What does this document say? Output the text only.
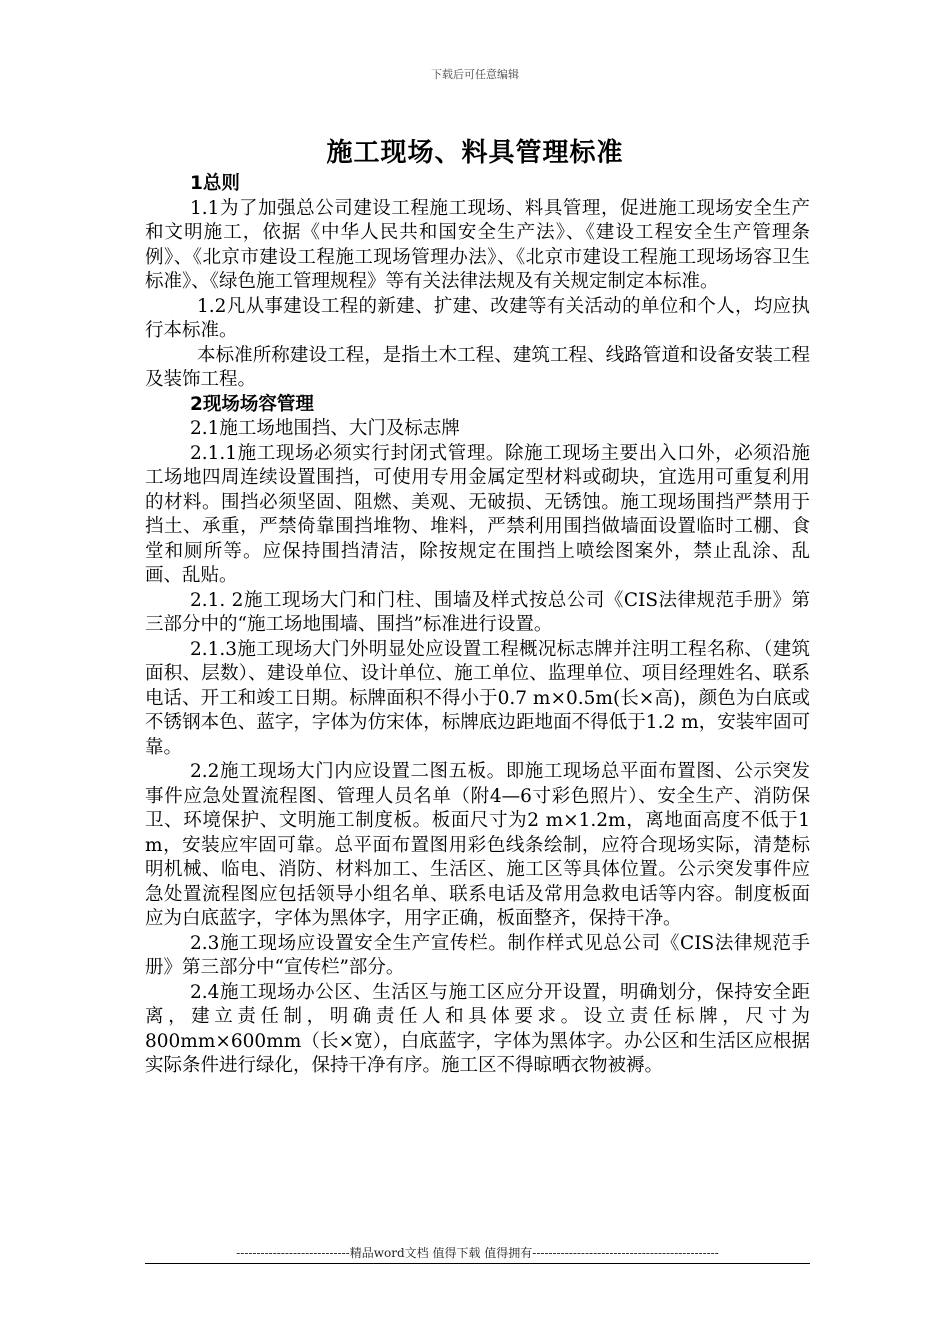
下载后可任意编辑
施工现场、料具管理标准

1总则

1.1为了加强总公司建设工程施工现场、料具管理，促进施工现场安全生产和文明施工，依据《中华人民共和国安全生产法》、《建设工程安全生产管理条例》、《北京市建设工程施工现场管理办法》、《北京市建设工程施工现场场容卫生标准》、《绿色施工管理规程》等有关法律法规及有关规定制定本标准。

1.2凡从事建设工程的新建、扩建、改建等有关活动的单位和个人，均应执行本标准。

本标准所称建设工程，是指土木工程、建筑工程、线路管道和设备安装工程及装饰工程。

2现场场容管理

2.1施工场地围挡、大门及标志牌

2.1.1施工现场必须实行封闭式管理。除施工现场主要出入口外，必须沿施工场地四周连续设置围挡，可使用专用金属定型材料或砌块，宜选用可重复利用的材料。围挡必须坚固、阻燃、美观、无破损、无锈蚀。施工现场围挡严禁用于挡土、承重，严禁倚靠围挡堆物、堆料，严禁利用围挡做墙面设置临时工棚、食堂和厕所等。应保持围挡清洁，除按规定在围挡上喷绘图案外，禁止乱涂、乱画、乱贴。

2.1. 2施工现场大门和门柱、围墙及样式按总公司《CIS法律规范手册》第三部分中的“施工场地围墙、围挡”标准进行设置。

2.1.3施工现场大门外明显处应设置工程概况标志牌并注明工程名称、（建筑面积、层数）、建设单位、设计单位、施工单位、监理单位、项目经理姓名、联系电话、开工和竣工日期。标牌面积不得小于0.7 m×0.5m(长×高)，颜色为白底或不锈钢本色、蓝字，字体为仿宋体，标牌底边距地面不得低于1.2 m，安装牢固可靠。

2.2施工现场大门内应设置二图五板。即施工现场总平面布置图、公示突发事件应急处置流程图、管理人员名单（附4—6寸彩色照片）、安全生产、消防保卫、环境保护、文明施工制度板。板面尺寸为2 m×1.2m，离地面高度不低于1 m，安装应牢固可靠。总平面布置图用彩色线条绘制，应符合现场实际，清楚标明机械、临电、消防、材料加工、生活区、施工区等具体位置。公示突发事件应急处置流程图应包括领导小组名单、联系电话及常用急救电话等内容。制度板面应为白底蓝字，字体为黑体字，用字正确，板面整齐，保持干净。

2.3施工现场应设置安全生产宣传栏。制作样式见总公司《CIS法律规范手册》第三部分中“宣传栏”部分。

2.4施工现场办公区、生活区与施工区应分开设置，明确划分，保持安全距离，建立责任制，明确责任人和具体要求。设立责任标牌，尺寸为800mm×600mm（长×宽），白底蓝字，字体为黑体字。办公区和生活区应根据实际条件进行绿化，保持干净有序。施工区不得晾晒衣物被褥。

----------------------------精品word文档 值得下载 值得拥有----------------------------------------------
